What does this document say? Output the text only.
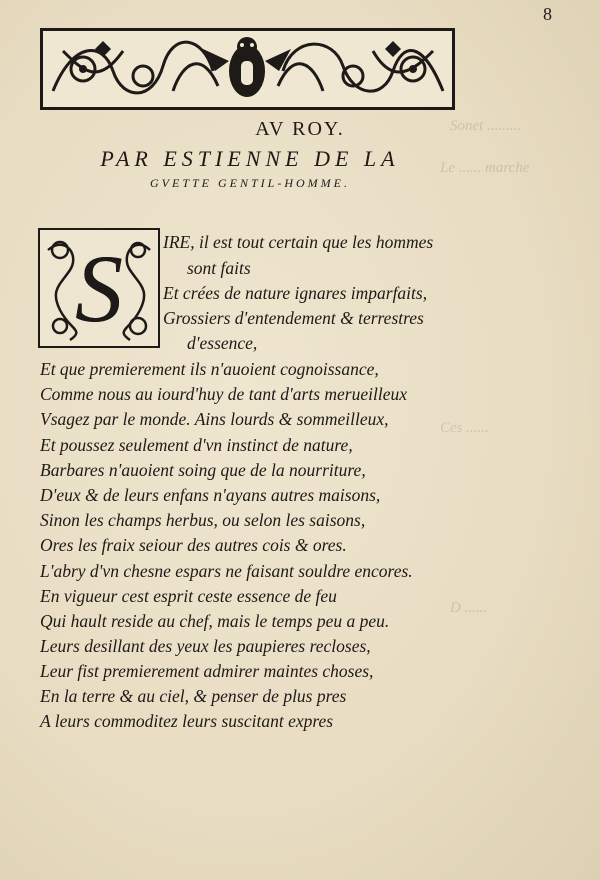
Sonet .........
Le ...... marche
Ces ......
D ......
8
AV ROY.
PAR ESTIENNE DE LA
GVETTE GENTIL-HOMME.
S	IRE, il est tout certain que les hommes
sont faits
Et crées de nature ignares imparfaits,
Grossiers d'entendement & terrestres
d'essence,
Et que premierement ils n'auoient cognoissance,
Comme nous au iourd'huy de tant d'arts merueilleux
Vsagez par le monde. Ains lourds & sommeilleux,
Et poussez seulement d'vn instinct de nature,
Barbares n'auoient soing que de la nourriture,
D'eux & de leurs enfans n'ayans autres maisons,
Sinon les champs herbus, ou selon les saisons,
Ores les fraix seiour des autres cois & ores.
L'abry d'vn chesne espars ne faisant souldre encores.
En vigueur cest esprit ceste essence de feu
Qui hault reside au chef, mais le temps peu a peu.
Leurs desillant des yeux les paupieres recloses,
Leur fist premierement admirer maintes choses,
En la terre & au ciel, & penser de plus pres
A leurs commoditez leurs suscitant expres
